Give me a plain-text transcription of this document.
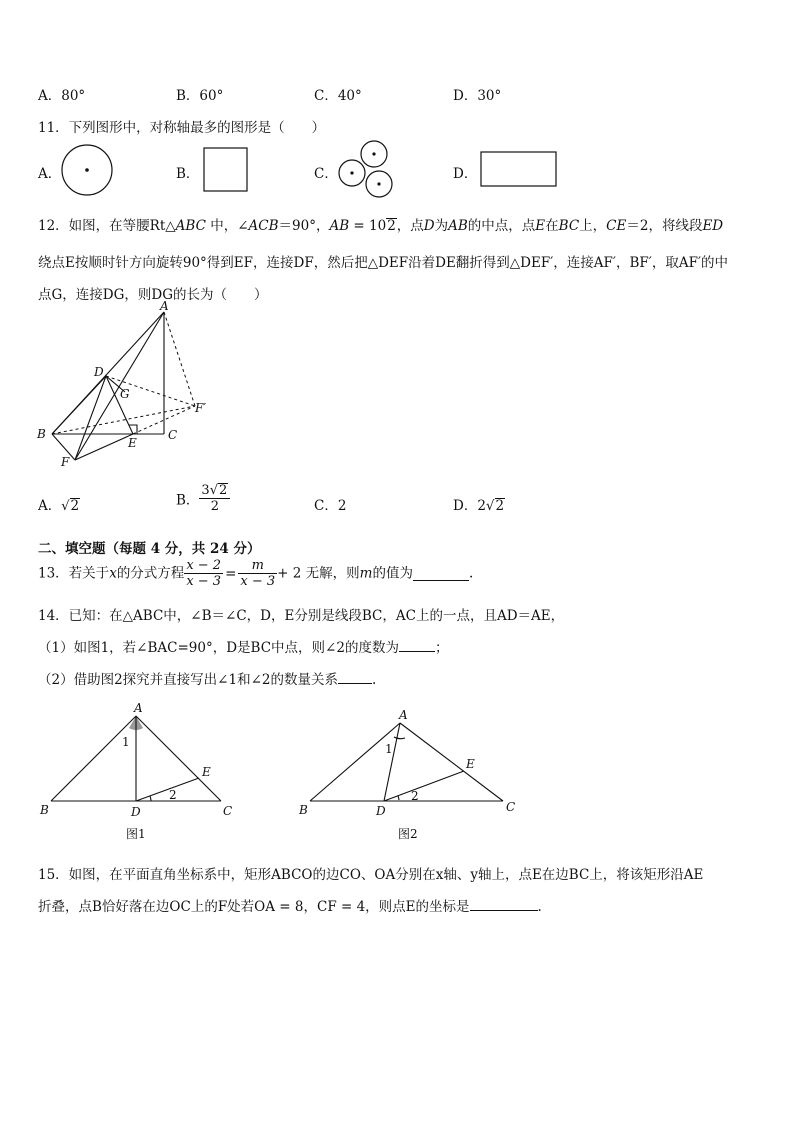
A．80°	B．60°	C．40°	D．30°
11．下列图形中，对称轴最多的图形是（　　）
A．	B．	C．	D．
12．如图，在等腰Rt△ABC 中，∠ACB＝90°，AB = 102，点D为AB的中点，点E在BC上，CE＝2，将线段ED
绕点E按顺时针方向旋转90°得到EF，连接DF，然后把△DEF沿着DE翻折得到△DEF′，连接AF′，BF′，取AF′的中
点G，连接DG，则DG的长为（　　）
A
B	C
D
E
F
F′
G
A．√2	B． $\frac{3√2}{2}$	C．2	D．2√2
二、填空题（每题 4 分，共 24 分）
13．若关于x的分式方程 $\frac{x - 2}{x - 3} = \frac{m}{x - 3} + 2$ 无解，则m的值为	.
14．已知：在△ABC中，∠B＝∠C，D，E分别是线段BC，AC上的一点，且AD＝AE，
（1）如图1，若∠BAC=90°，D是BC中点，则∠2的度数为	；
（2）借助图2探究并直接写出∠1和∠2的数量关系	.
A
B	C
D
E
1
2
图1
A
B	C
D
E
1
2
图2
15．如图，在平面直角坐标系中，矩形ABCO的边CO、OA分别在x轴、y轴上，点E在边BC上，将该矩形沿AE
折叠，点B恰好落在边OC上的F处若OA = 8，CF = 4，则点E的坐标是	.
